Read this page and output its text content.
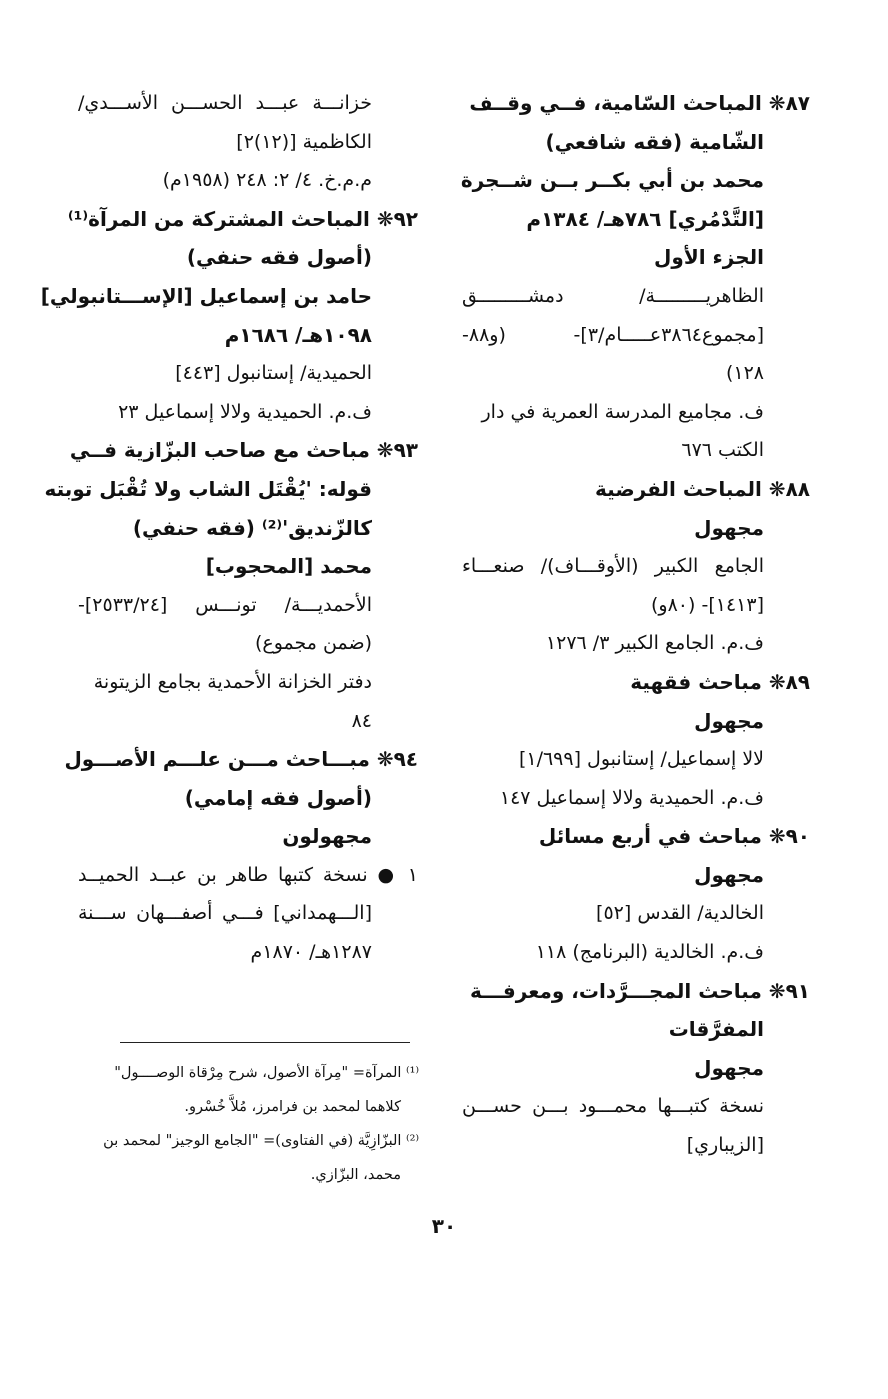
٨٧❋ المباحث السّامية، فــي وقــف
الشّامية (فقه شافعي)
محمد بن أبي بكــر بــن شــجرة
[التَّدْمُري] ٧٨٦هـ/ ١٣٨٤م
الجزء الأول
الظاهريـــــــــة/ دمشـــــــــق
[مجموع٣٨٦٤عـــــام/٣]- (و٨٨-
١٢٨)
ف. مجاميع المدرسة العمرية في دار
الكتب ٦٧٦
٨٨❋ المباحث الفرضية
مجهول
الجامع الكبير (الأوقـــاف)/ صنعـــاء
[١٤١٣]- (٨٠و)
ف.م. الجامع الكبير ٣/ ١٢٧٦
٨٩❋ مباحث فقهية
مجهول
لالا إسماعيل/ إستانبول [١/٦٩٩]
ف.م. الحميدية ولالا إسماعيل ١٤٧
٩٠❋ مباحث في أربع مسائل
مجهول
الخالدية/ القدس [٥٢]
ف.م. الخالدية (البرنامج) ١١٨
٩١❋ مباحث المجـــرَّدات، ومعرفـــة
المفرَّقات
مجهول
نسخة كتبـــها محمـــود بـــن حســـن
[الزيباري]
خزانـــة عبـــد الحســـن الأســـدي/
الكاظمية [(١٢)٢]
م.م.خ. ٤/ ٢: ٢٤٨ (١٩٥٨م)
٩٢❋ المباحث المشتركة من المرآة⁽¹⁾
(أصول فقه حنفي)
حامد بن إسماعيل [الإســـتانبولي]
١٠٩٨هـ/ ١٦٨٦م
الحميدية/ إستانبول [٤٤٣]
ف.م. الحميدية ولالا إسماعيل ٢٣
٩٣❋ مباحث مع صاحب البزّازية فــي
قوله: 'يُقْتَل الشاب ولا تُقْبَل توبته
كالزّنديق'⁽²⁾ (فقه حنفي)
محمد [المحجوب]
الأحمديـــة/ تونـــس [٢٥٣٣/٢٤]-
(ضمن مجموع)
دفتر الخزانة الأحمدية بجامع الزيتونة
٨٤
٩٤❋ مبـــاحث مـــن علـــم الأصـــول
(أصول فقه إمامي)
مجهولون
١ ● نسخة كتبها طاهر بن عبــد الحميــد
[الـــهمداني] فـــي أصفـــهان ســـنة
١٢٨٧هـ/ ١٨٧٠م
⁽¹⁾ المرآة= "مِرآة الأصول، شرح مِرْقاة الوصــــول"
كلاهما لمحمد بن فرامرز، مُلاَّ خُسْرو.
⁽²⁾ البزّازِيَّة (في الفتاوى)= "الجامع الوجيز" لمحمد بن
محمد، البزّازي.
٣٠
